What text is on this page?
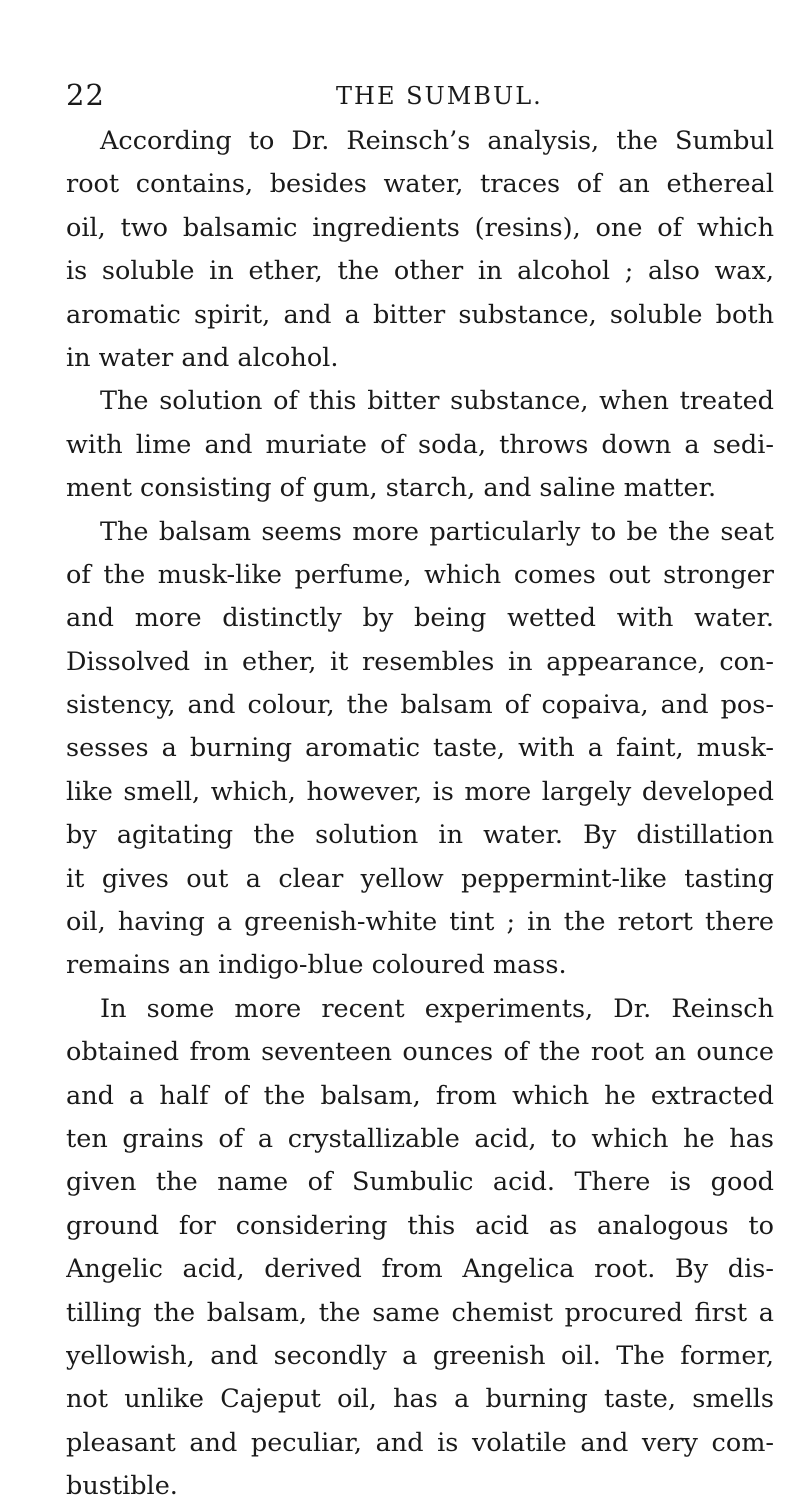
22	THE SUMBUL.
According to Dr. Reinsch’s analysis, the Sumbul
root contains, besides water, traces of an ethereal
oil, two balsamic ingredients (resins), one of which
is soluble in ether, the other in alcohol ; also wax,
aromatic spirit, and a bitter substance, soluble both
in water and alcohol.
The solution of this bitter substance, when treated
with lime and muriate of soda, throws down a sedi-
ment consisting of gum, starch, and saline matter.
The balsam seems more particularly to be the seat
of the musk-like perfume, which comes out stronger
and more distinctly by being wetted with water.
Dissolved in ether, it resembles in appearance, con-
sistency, and colour, the balsam of copaiva, and pos-
sesses a burning aromatic taste, with a faint, musk-
like smell, which, however, is more largely developed
by agitating the solution in water. By distillation
it gives out a clear yellow peppermint-like tasting
oil, having a greenish-white tint ; in the retort there
remains an indigo-blue coloured mass.
In some more recent experiments, Dr. Reinsch
obtained from seventeen ounces of the root an ounce
and a half of the balsam, from which he extracted
ten grains of a crystallizable acid, to which he has
given the name of Sumbulic acid. There is good
ground for considering this acid as analogous to
Angelic acid, derived from Angelica root. By dis-
tilling the balsam, the same chemist procured first a
yellowish, and secondly a greenish oil. The former,
not unlike Cajeput oil, has a burning taste, smells
pleasant and peculiar, and is volatile and very com-
bustible.
